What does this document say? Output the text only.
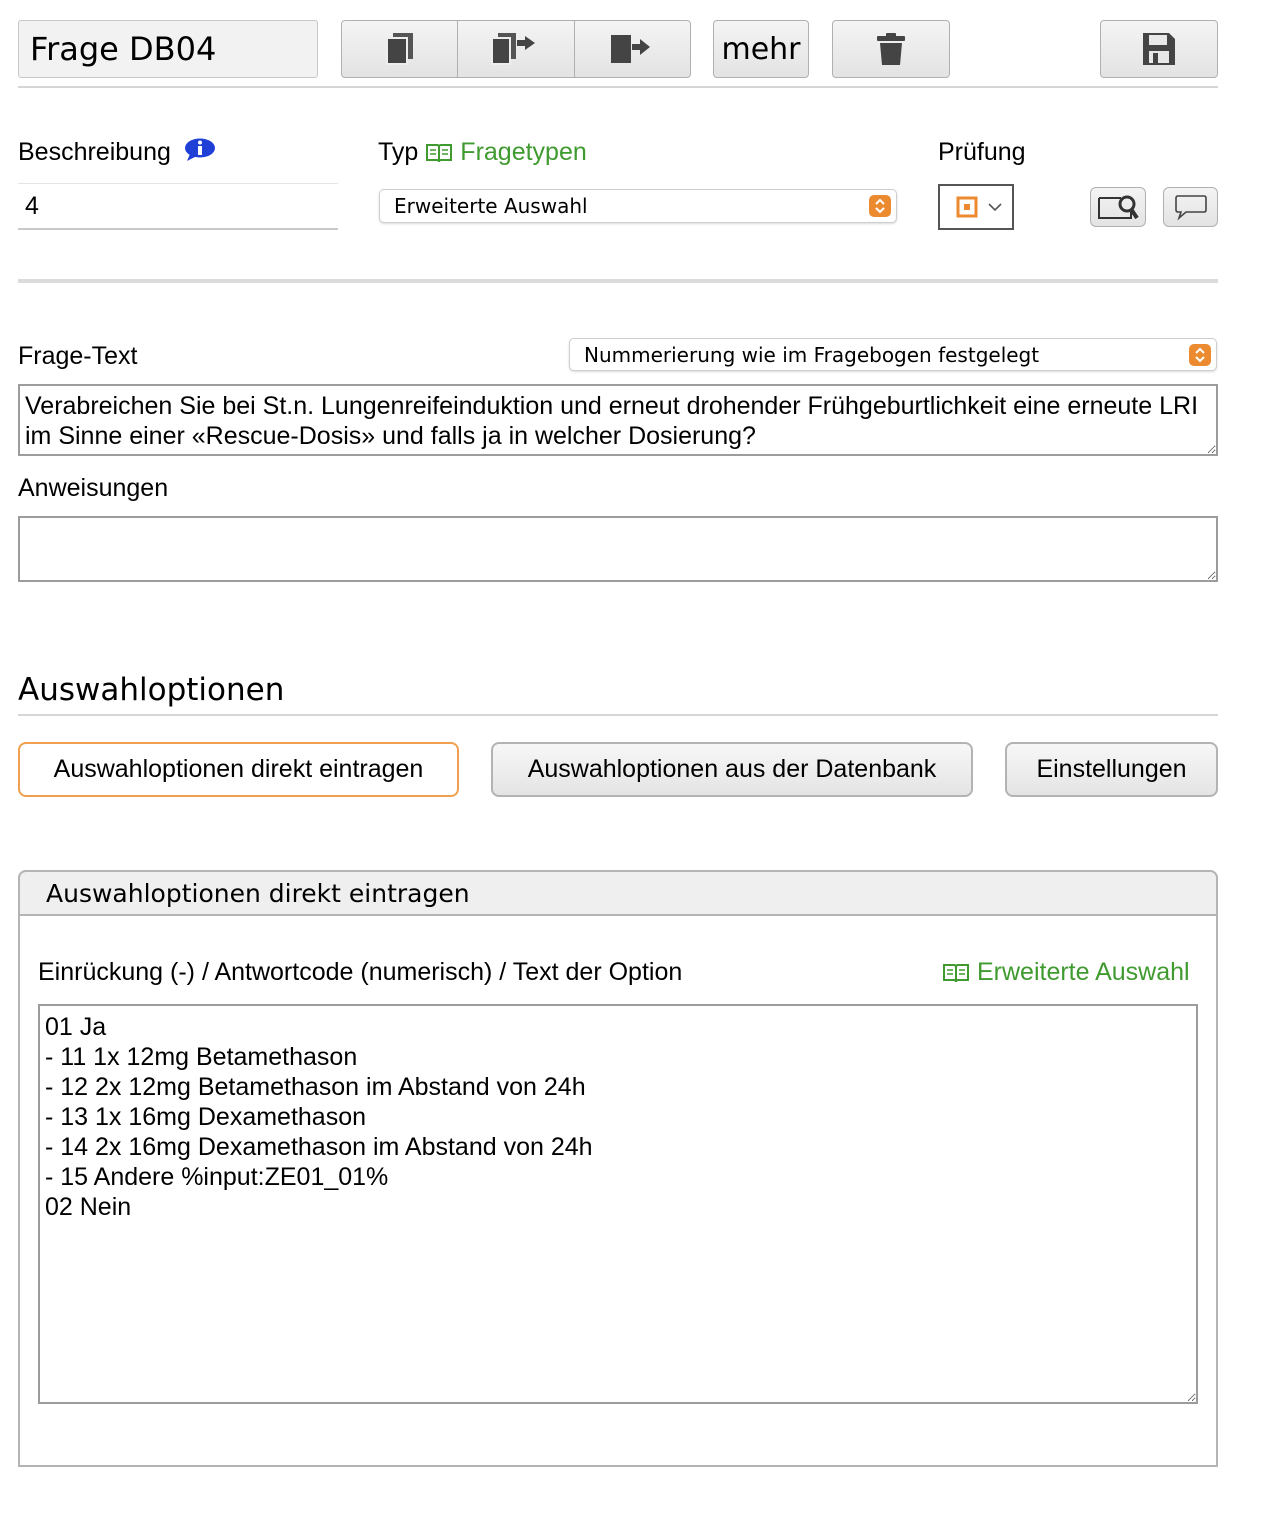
Frage DB04	mehr
Beschreibung
4
Typ Fragetypen
Erweiterte Auswahl
Prüfung
Frage-Text	Nummerierung wie im Fragebogen festgelegt
Verabreichen Sie bei St.n. Lungenreifeinduktion und erneut drohender Frühgeburtlichkeit eine erneute LRI im Sinne einer «Rescue-Dosis» und falls ja in welcher Dosierung?
Anweisungen
Auswahloptionen
Auswahloptionen direkt eintragen	Auswahloptionen aus der Datenbank	Einstellungen
Auswahloptionen direkt eintragen
Einrückung (-) / Antwortcode (numerisch) / Text der Option	Erweiterte Auswahl
01 Ja - 11 1x 12mg Betamethason - 12 2x 12mg Betamethason im Abstand von 24h - 13 1x 16mg Dexamethason - 14 2x 16mg Dexamethason im Abstand von 24h - 15 Andere %input:ZE01_01% 02 Nein
